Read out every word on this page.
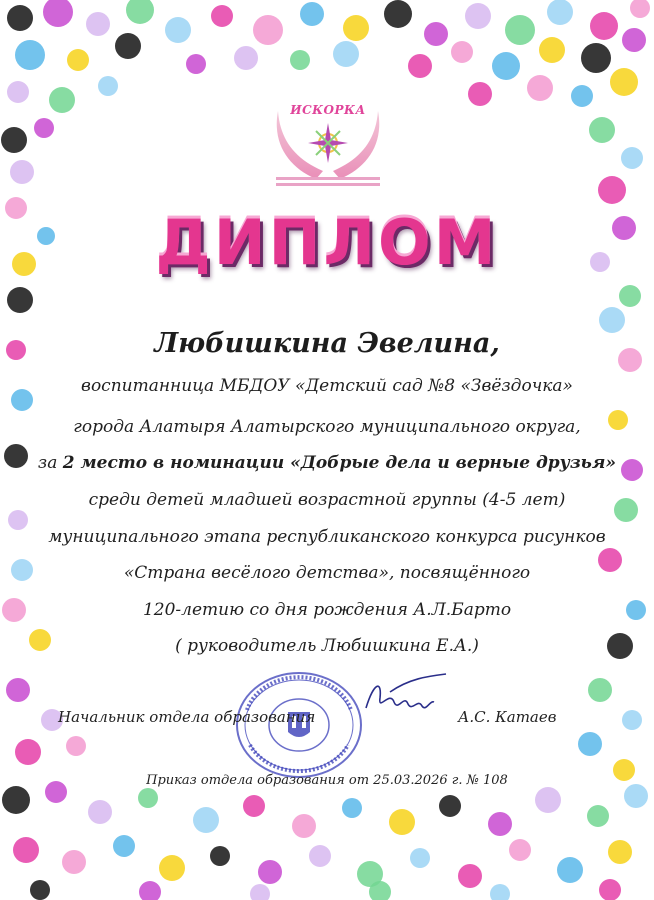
ИСКОРКА
ДИПЛОМ
Любишкина Эвелина,
воспитанница МБДОУ «Детский сад №8 «Звёздочка»
города Алатыря Алатырского муниципального округа,
за 2 место в номинации «Добрые дела и верные друзья»
среди детей младшей возрастной группы (4-5 лет)
муниципального этапа республиканского конкурса рисунков
«Страна весёлого детства», посвящённого
120-летию со дня рождения А.Л.Барто
( руководитель Любишкина Е.А.)
Начальник отдела образования	А.С. Катаев
Приказ отдела образования от 25.03.2026 г. № 108
